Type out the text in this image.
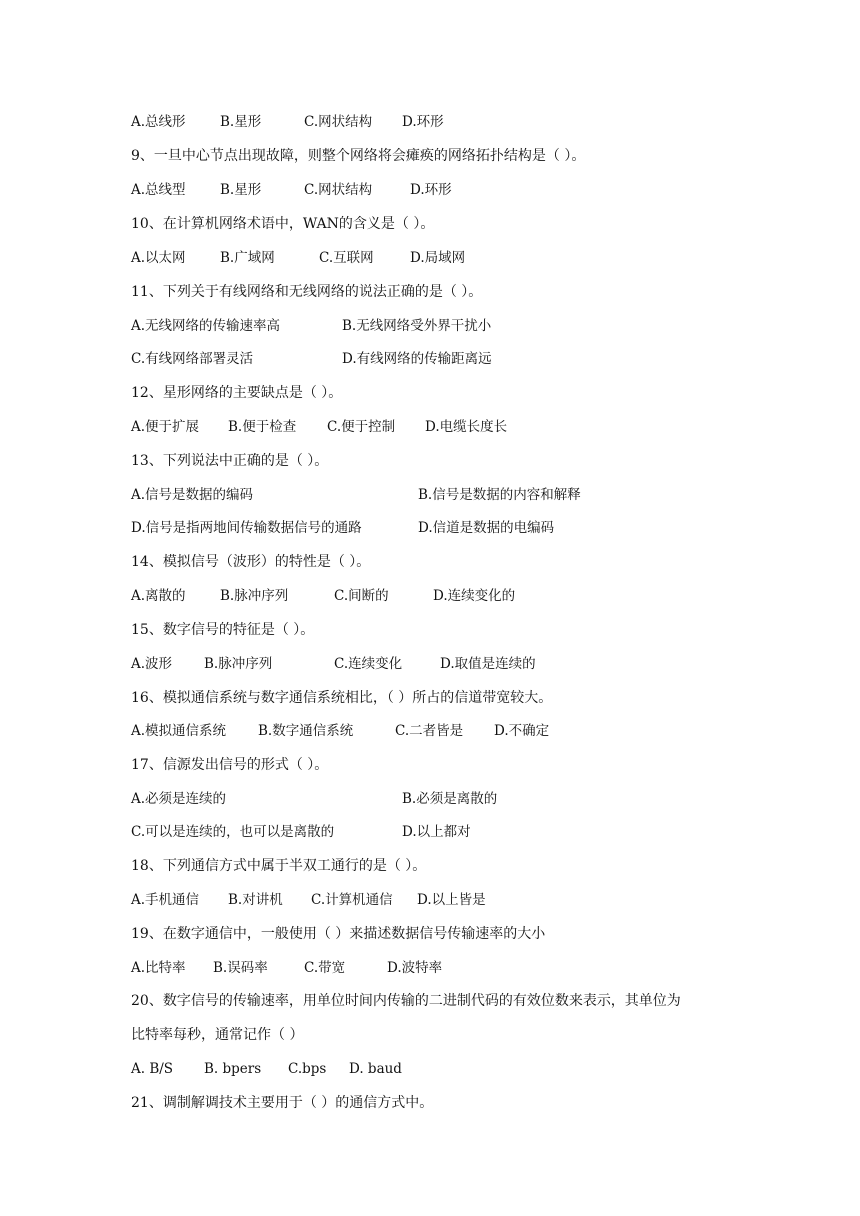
A.总线形	B.星形	C.网状结构 D.环形
9、一旦中心节点出现故障，则整个网络将会瘫痪的网络拓扑结构是（ ）。
A.总线型	B.星形	C.网状结构	D.环形
10、在计算机网络术语中，WAN的含义是（ ）。
A.以太网	B.广域网	C.互联网	D.局域网
11、下列关于有线网络和无线网络的说法正确的是（ ）。
A.无线网络的传输速率高	B.无线网络受外界干扰小
C.有线网络部署灵活	D.有线网络的传输距离远
12、星形网络的主要缺点是（ ）。
A.便于扩展 B.便于检查 C.便于控制 D.电缆长度长
13、下列说法中正确的是（ ）。
A.信号是数据的编码	B.信号是数据的内容和解释
D.信号是指两地间传输数据信号的通路	D.信道是数据的电编码
14、模拟信号（波形）的特性是（ ）。
A.离散的	B.脉冲序列	C.间断的	D.连续变化的
15、数字信号的特征是（ ）。
A.波形 B.脉冲序列	C.连续变化	D.取值是连续的
16、模拟通信系统与数字通信系统相比，（ ）所占的信道带宽较大。
A.模拟通信系统 B.数字通信系统	C.二者皆是 D.不确定
17、信源发出信号的形式（ ）。
A.必须是连续的	B.必须是离散的
C.可以是连续的，也可以是离散的	D.以上都对
18、下列通信方式中属于半双工通行的是（ ）。
A.手机通信 B.对讲机 C.计算机通信 D.以上皆是
19、在数字通信中，一般使用（ ）来描述数据信号传输速率的大小
A.比特率 B.误码率	C.带宽	D.波特率
20、数字信号的传输速率，用单位时间内传输的二进制代码的有效位数来表示，其单位为
比特率每秒，通常记作（ ）
A. B/S B. bpers C.bps D. baud
21、调制解调技术主要用于（ ）的通信方式中。
